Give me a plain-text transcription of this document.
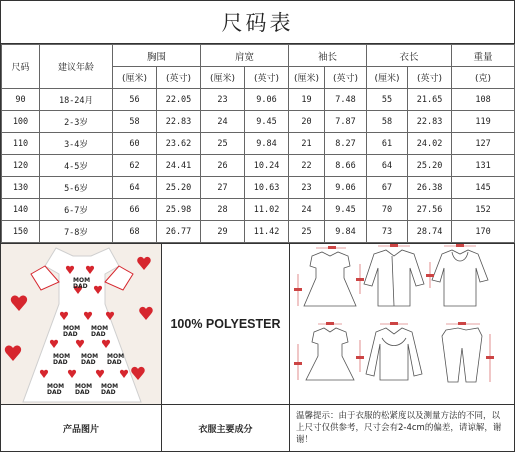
尺码表
尺码	建议年龄	胸围		肩宽		袖长		衣长		重量
		(厘米)	(英寸)	(厘米)	(英寸)	(厘米)	(英寸)	(厘米)	(英寸)	(克)
90	18-24月	56	22.05	23	9.06	19	7.48	55	21.65	108
100	2-3岁	58	22.83	24	9.45	20	7.87	58	22.83	119
110	3-4岁	60	23.62	25	9.84	21	8.27	61	24.02	127
120	4-5岁	62	24.41	26	10.24	22	8.66	64	25.20	131
130	5-6岁	64	25.20	27	10.63	23	9.06	67	26.38	145
140	6-7岁	66	25.98	28	11.02	24	9.45	70	27.56	152
150	7-8岁	68	26.77	29	11.42	25	9.84	73	28.74	170
MOM
DAD
MOM
DAD
MOM
DAD
MOM
DAD
MOM
DAD
MOM
DAD
MOM
DAD
MOM
DAD
MOM
DAD
100% POLYESTER
产品图片	衣服主要成分
温馨提示：由于衣服的松紧度以及测量方法的不同，以上尺寸仅供参考，尺寸会有2-4cm的偏差，请谅解，谢谢！
